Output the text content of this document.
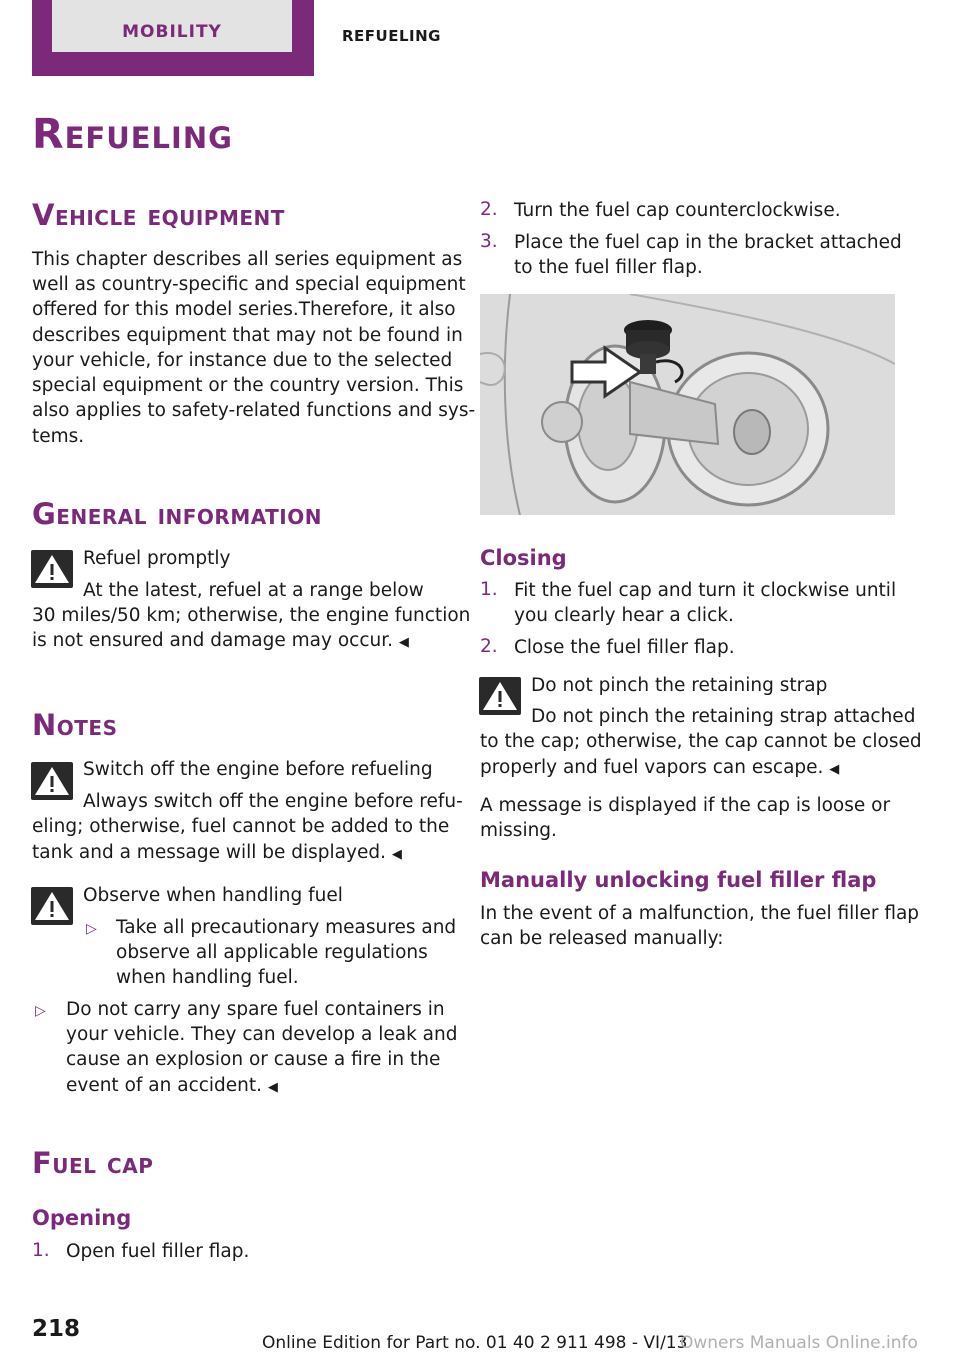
MOBILITY	REFUELING
Refueling
Vehicle equipment
This chapter describes all series equipment as
well as country-specific and special equipment
offered for this model series.Therefore, it also
describes equipment that may not be found in
your vehicle, for instance due to the selected
special equipment or the country version. This
also applies to safety-related functions and sys‐
tems.
General information
Refuel promptly
At the latest, refuel at a range below
30 miles/50 km; otherwise, the engine function
is not ensured and damage may occur. ◀
Notes
Switch off the engine before refueling
Always switch off the engine before refu‐
eling; otherwise, fuel cannot be added to the
tank and a message will be displayed. ◀
Observe when handling fuel
▷ Take all precautionary measures and
observe all applicable regulations
when handling fuel.
▷ Do not carry any spare fuel containers in
your vehicle. They can develop a leak and
cause an explosion or cause a fire in the
event of an accident. ◀
Fuel cap
Opening
1. Open fuel filler flap.
2. Turn the fuel cap counterclockwise.
3. Place the fuel cap in the bracket attached
to the fuel filler flap.
Closing
1. Fit the fuel cap and turn it clockwise until
you clearly hear a click.
2. Close the fuel filler flap.
Do not pinch the retaining strap
Do not pinch the retaining strap attached
to the cap; otherwise, the cap cannot be closed
properly and fuel vapors can escape. ◀
A message is displayed if the cap is loose or
missing.
Manually unlocking fuel filler flap
In the event of a malfunction, the fuel filler flap
can be released manually:
218
Online Edition for Part no. 01 40 2 911 498 - VI/13
Owners Manuals Online.info
